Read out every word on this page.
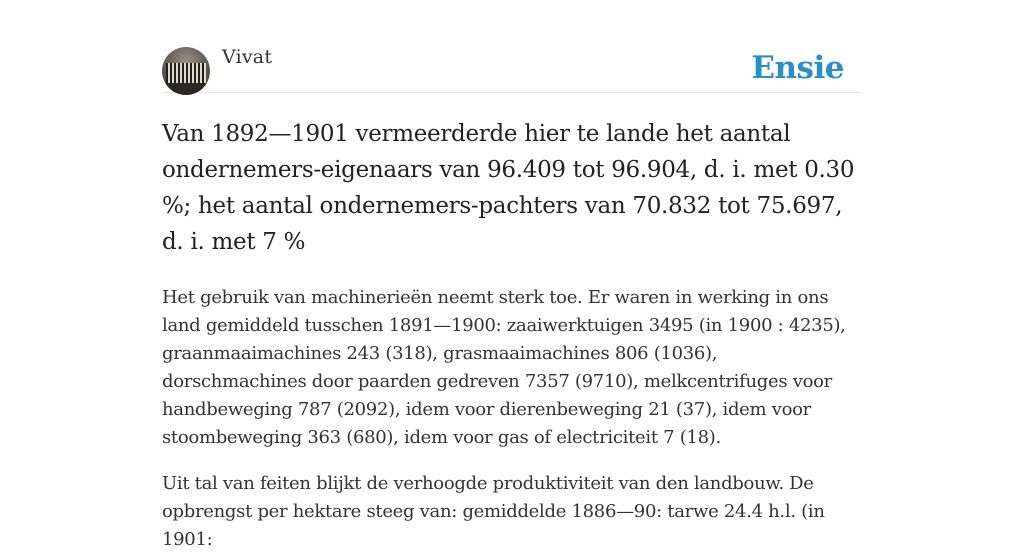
Vivat	Ensie
Van 1892—1901 vermeerderde hier te lande het aantal ondernemers-eigenaars van 96.409 tot 96.904, d. i. met 0.30 %; het aantal ondernemers-pachters van 70.832 tot 75.697, d. i. met 7 %

Het gebruik van machinerieën neemt sterk toe. Er waren in werking in ons land gemiddeld tusschen 1891—1900: zaaiwerktuigen 3495 (in 1900 : 4235), graanmaaimachines 243 (318), grasmaaimachines 806 (1036), dorschmachines door paarden gedreven 7357 (9710), melkcentrifuges voor handbeweging 787 (2092), idem voor dierenbeweging 21 (37), idem voor stoombeweging 363 (680), idem voor gas of electriciteit 7 (18).

Uit tal van feiten blijkt de verhoogde produktiviteit van den landbouw. De opbrengst per hektare steeg van: gemiddelde 1886—90: tarwe 24.4 h.l. (in 1901:
